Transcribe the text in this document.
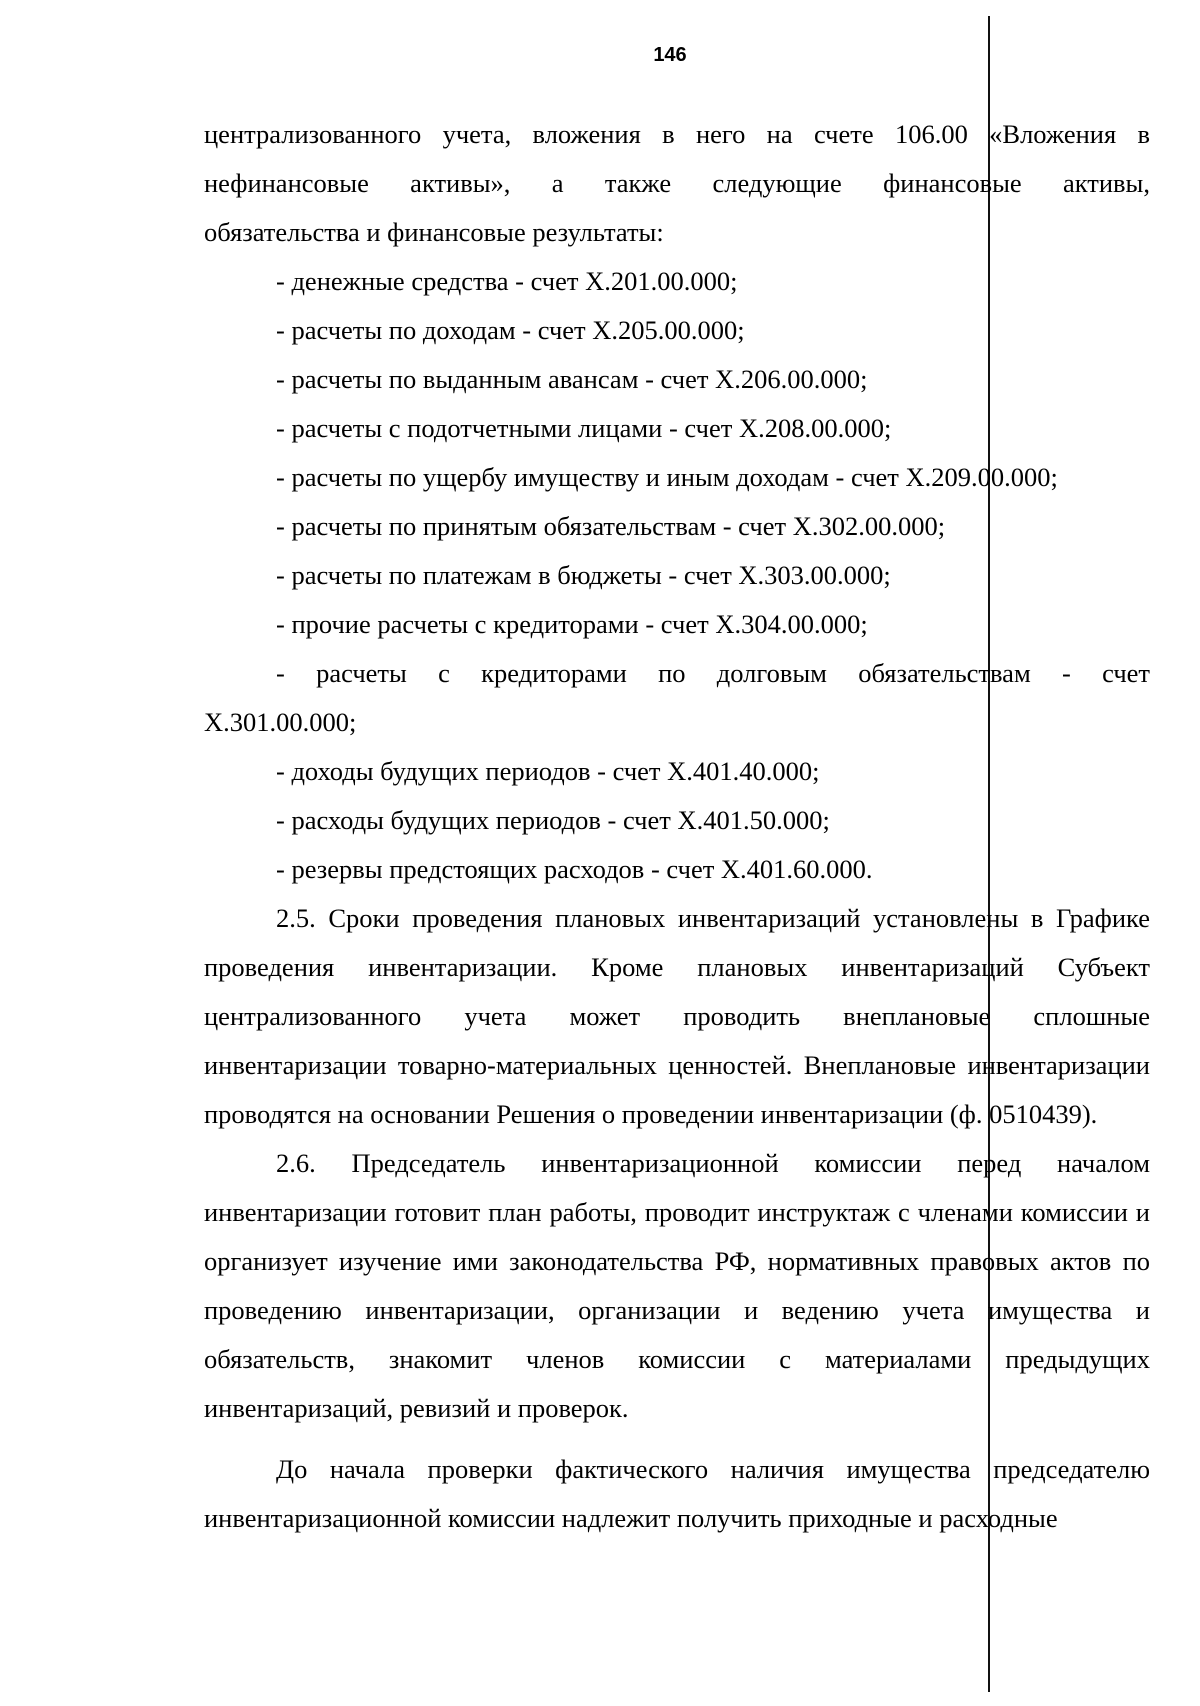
146

централизованного учета, вложения в него на счете 106.00 «Вложения в
нефинансовые активы», а также следующие финансовые активы,
обязательства и финансовые результаты:

- денежные средства - счет Х.201.00.000;

- расчеты по доходам - счет Х.205.00.000;

- расчеты по выданным авансам - счет Х.206.00.000;

- расчеты с подотчетными лицами - счет Х.208.00.000;

- расчеты по ущербу имуществу и иным доходам - счет Х.209.00.000;

- расчеты по принятым обязательствам - счет Х.302.00.000;

- расчеты по платежам в бюджеты - счет Х.303.00.000;

- прочие расчеты с кредиторами - счет Х.304.00.000;

- расчеты с кредиторами по долговым обязательствам - счет
Х.301.00.000;

- доходы будущих периодов - счет Х.401.40.000;

- расходы будущих периодов - счет Х.401.50.000;

- резервы предстоящих расходов - счет Х.401.60.000.

2.5. Сроки проведения плановых инвентаризаций установлены в Графике проведения инвентаризации. Кроме плановых инвентаризаций Субъект централизованного учета может проводить внеплановые сплошные инвентаризации товарно-материальных ценностей. Внеплановые инвентаризации проводятся на основании Решения о проведении инвентаризации (ф. 0510439).

2.6. Председатель инвентаризационной комиссии перед началом инвентаризации готовит план работы, проводит инструктаж с членами комиссии и организует изучение ими законодательства РФ, нормативных правовых актов по проведению инвентаризации, организации и ведению учета имущества и обязательств, знакомит членов комиссии с материалами предыдущих инвентаризаций, ревизий и проверок.

До начала проверки фактического наличия имущества председателю инвентаризационной комиссии надлежит получить приходные и расходные
